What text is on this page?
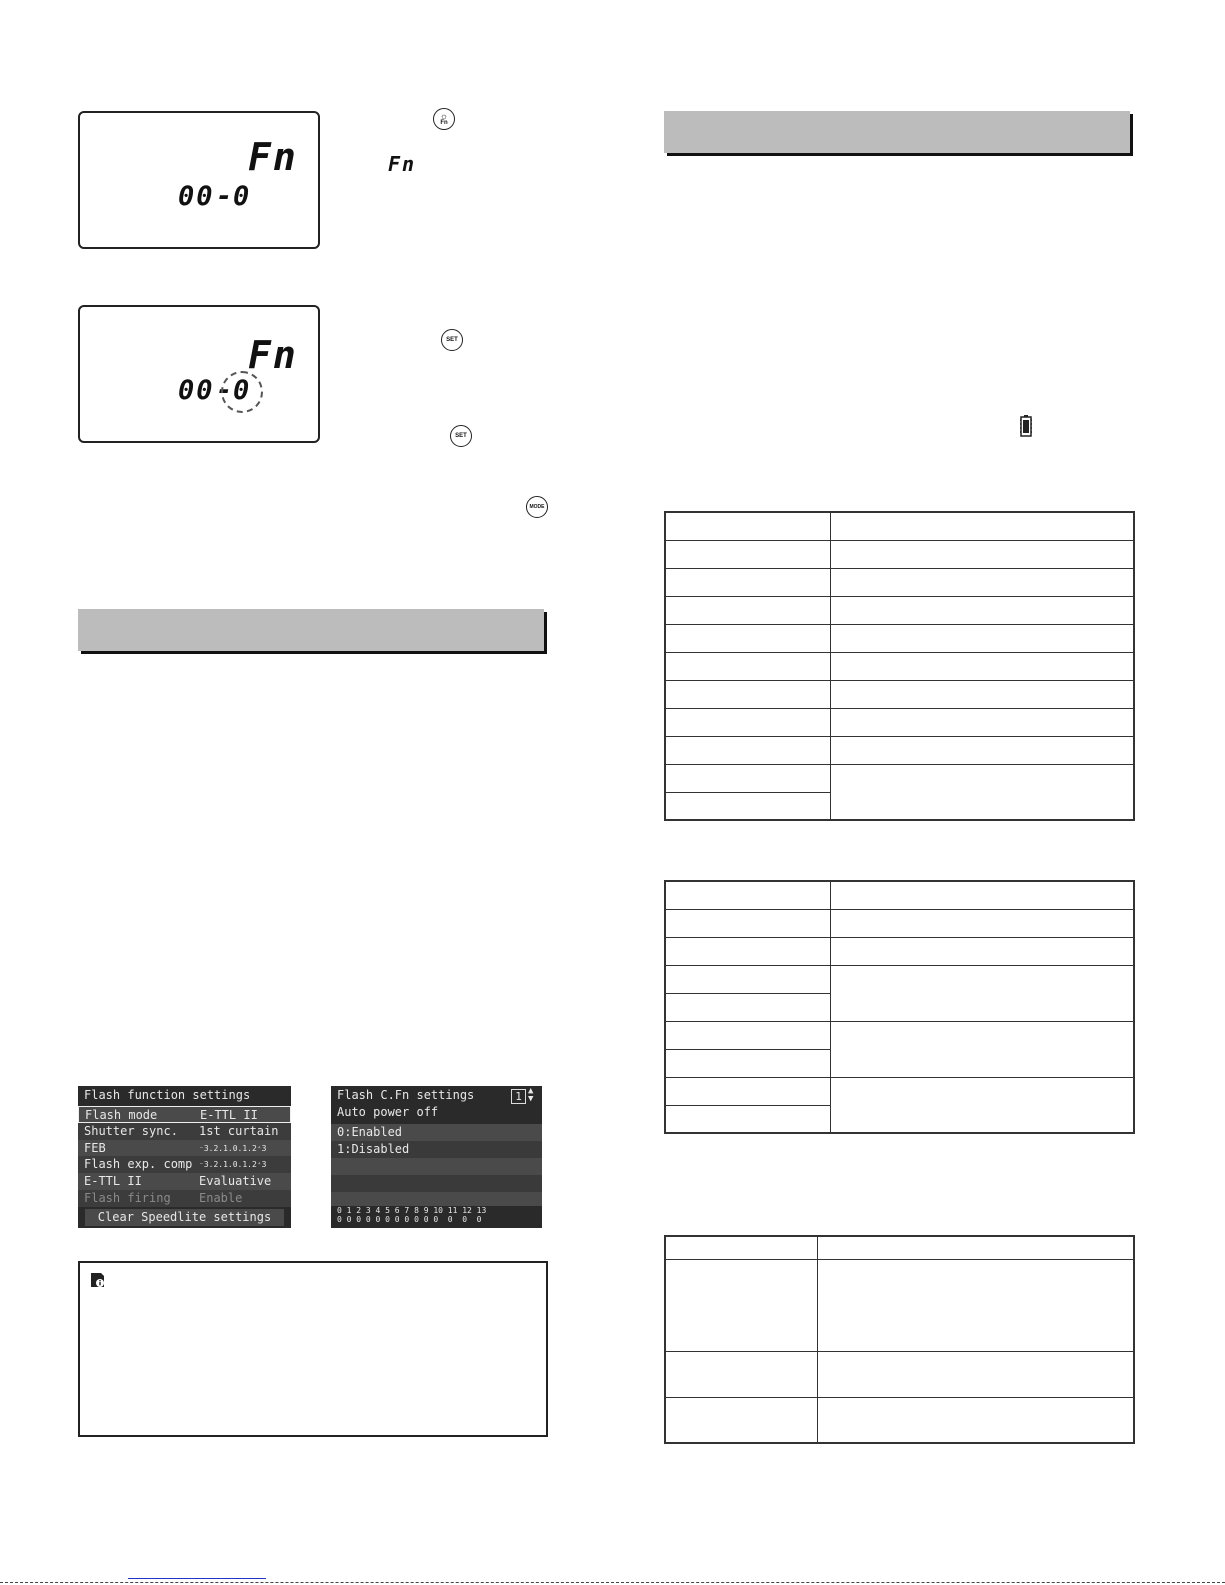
Fn
00 -
0
☼
Fn
Fn
Fn
00 -
0
SET
SET
MODE
Flash function settings
Flash mode	E-TTL II
Shutter sync. 1st curtain
FEB	⁻3.2.1.0.1.2⁺3
Flash exp. comp ⁻3.2.1.0.1.2⁺3
E-TTL II	Evaluative
Flash firing Enable
Clear Speedlite settings
Flash C.Fn settings	1 ▲
▼
Auto power off
0:Enabled
1:Disabled
0 1 2 3 4 5 6 7 8 9 10 11 12 13
0 0 0 0 0 0 0 0 0 0 0  0  0  0
